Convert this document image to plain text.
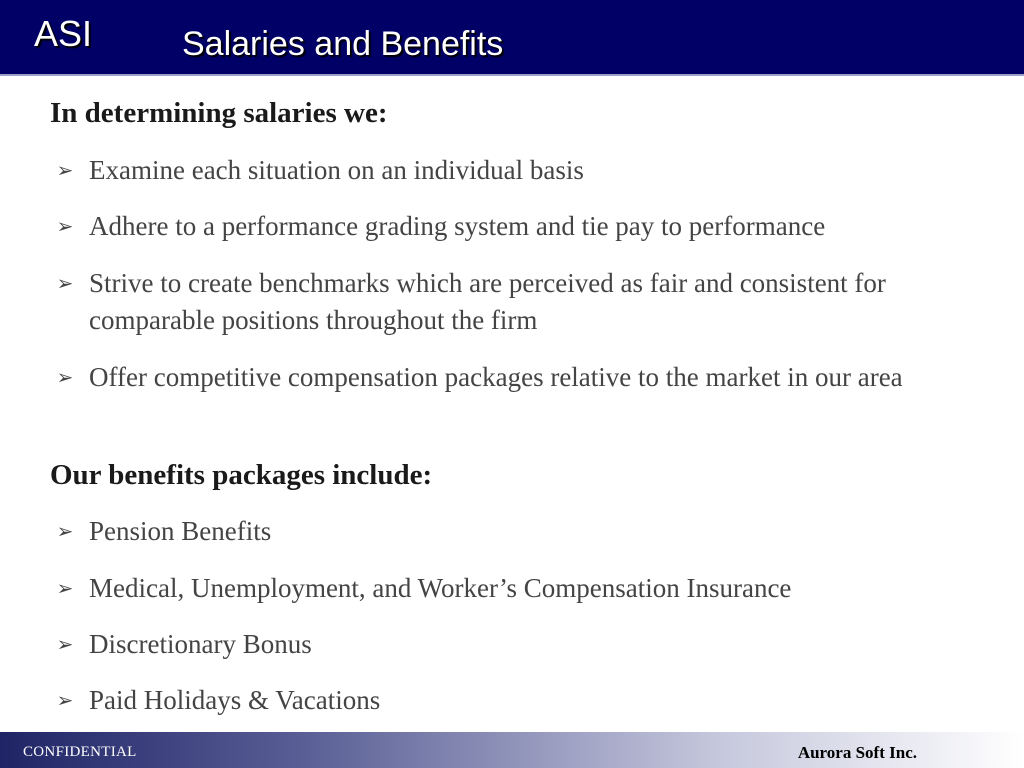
ASI	Salaries and Benefits
In determining salaries we:
➢ Examine each situation on an individual basis
➢ Adhere to a performance grading system and tie pay to performance
➢ Strive to create benchmarks which are perceived as fair and consistent for comparable positions throughout the firm
➢ Offer competitive compensation packages relative to the market in our area
Our benefits packages include:
➢ Pension Benefits
➢ Medical, Unemployment, and Worker’s Compensation Insurance
➢ Discretionary Bonus
➢ Paid Holidays & Vacations
CONFIDENTIAL	Aurora Soft Inc.
